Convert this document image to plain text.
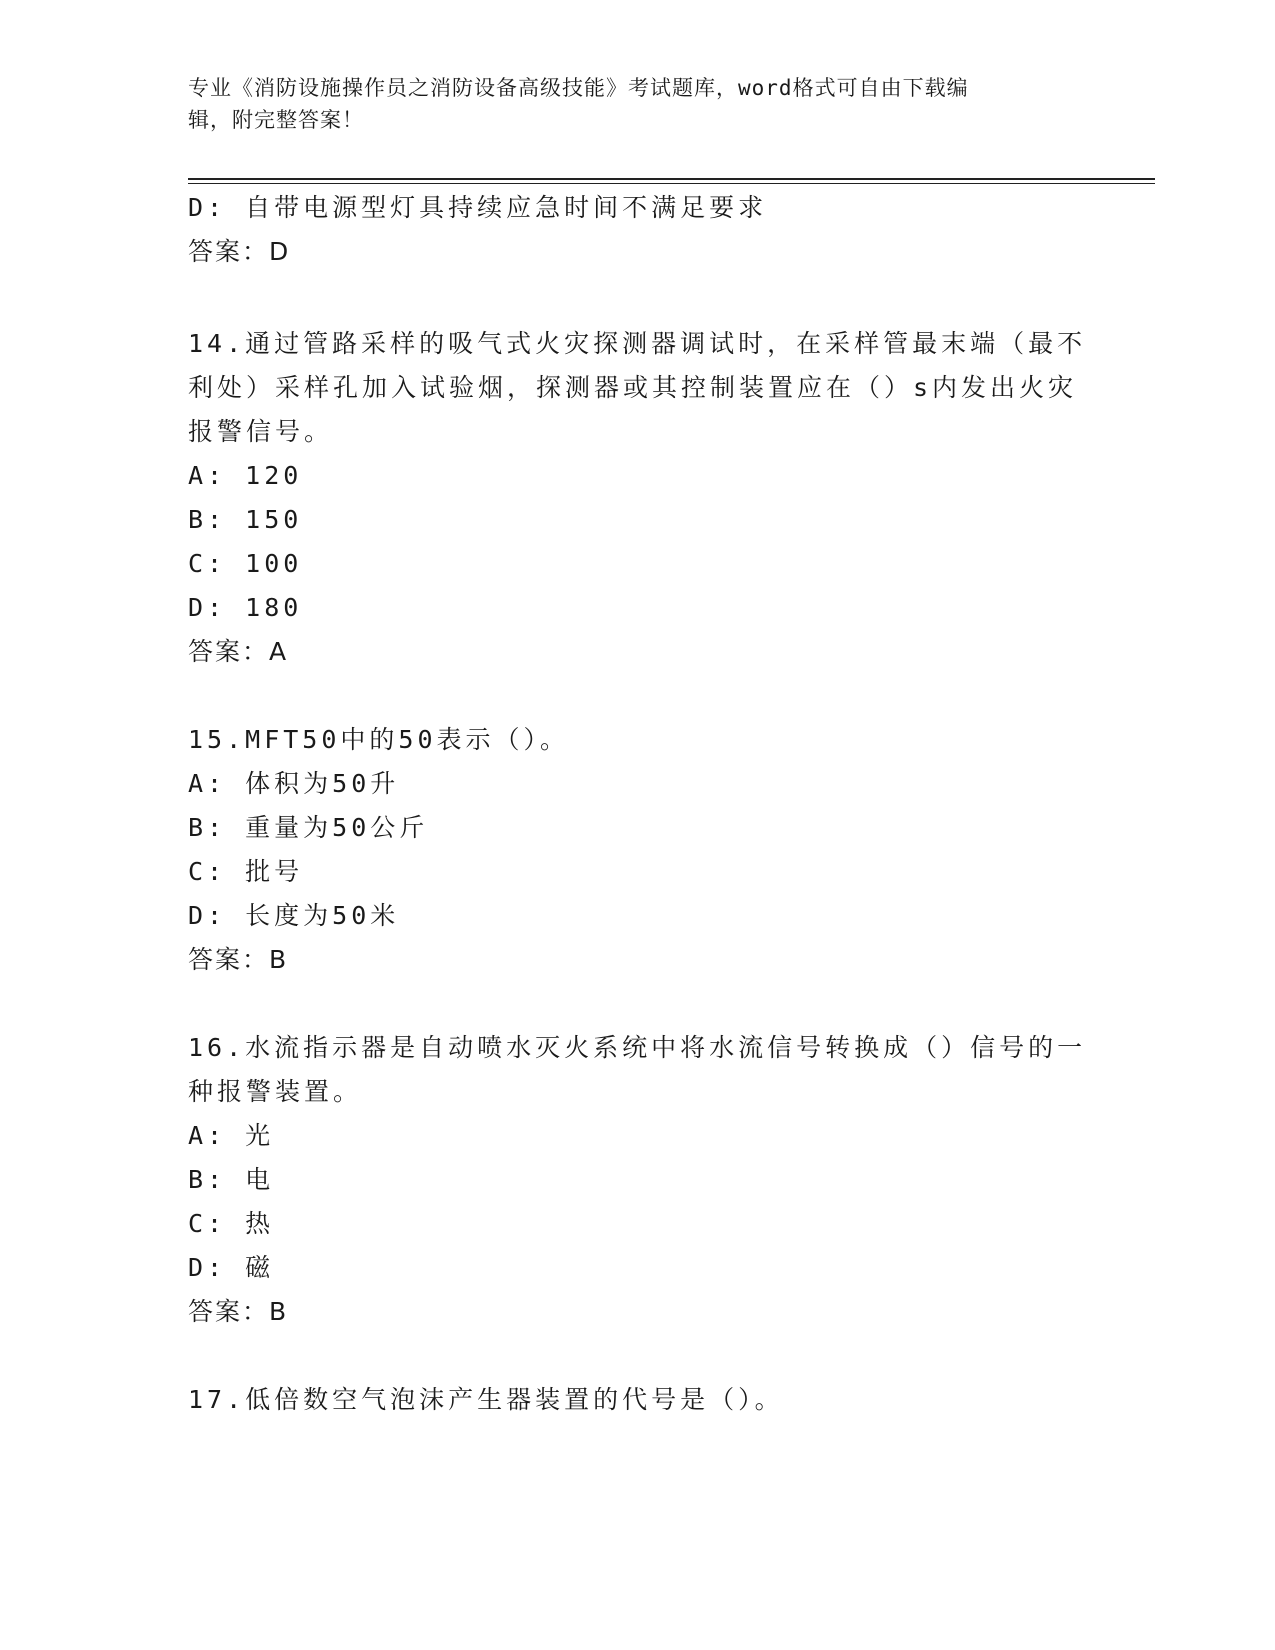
专业《消防设施操作员之消防设备高级技能》考试题库，word格式可自由下载编
辑，附完整答案！
D: 自带电源型灯具持续应急时间不满足要求
答案：D
14.通过管路采样的吸气式火灾探测器调试时，在采样管最末端（最不
利处）采样孔加入试验烟，探测器或其控制装置应在（）s内发出火灾
报警信号。
A: 120
B: 150
C: 100
D: 180
答案：A
15.MFT50中的50表示（）。
A: 体积为50升
B: 重量为50公斤
C: 批号
D: 长度为50米
答案：B
16.水流指示器是自动喷水灭火系统中将水流信号转换成（）信号的一
种报警装置。
A: 光
B: 电
C: 热
D: 磁
答案：B
17.低倍数空气泡沫产生器装置的代号是（）。
